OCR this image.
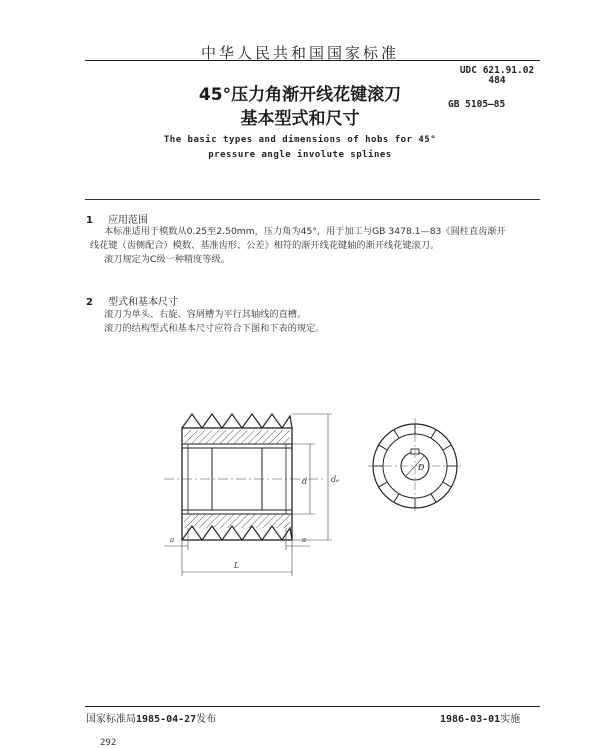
中华人民共和国国家标准
UDC 621.91.02
484
GB 5105—85
45°压力角渐开线花键滚刀
基本型式和尺寸
The basic types and dimensions of hobs for 45°
pressure angle involute splines
1 应用范围
本标准适用于模数从0.25至2.50mm，压力角为45°，用于加工与GB 3478.1—83《圆柱直齿渐开
线花键（齿侧配合）模数、基准齿形、公差》相符的渐开线花键轴的渐开线花键滚刀。
滚刀规定为C级一种精度等级。
2 型式和基本尺寸
滚刀为单头、右旋、容屑槽为平行其轴线的直槽。
滚刀的结构型式和基本尺寸应符合下图和下表的规定。
d	dₑ
a	a
L
D
国家标准局1985-04-27发布	1986-03-01实施
292
